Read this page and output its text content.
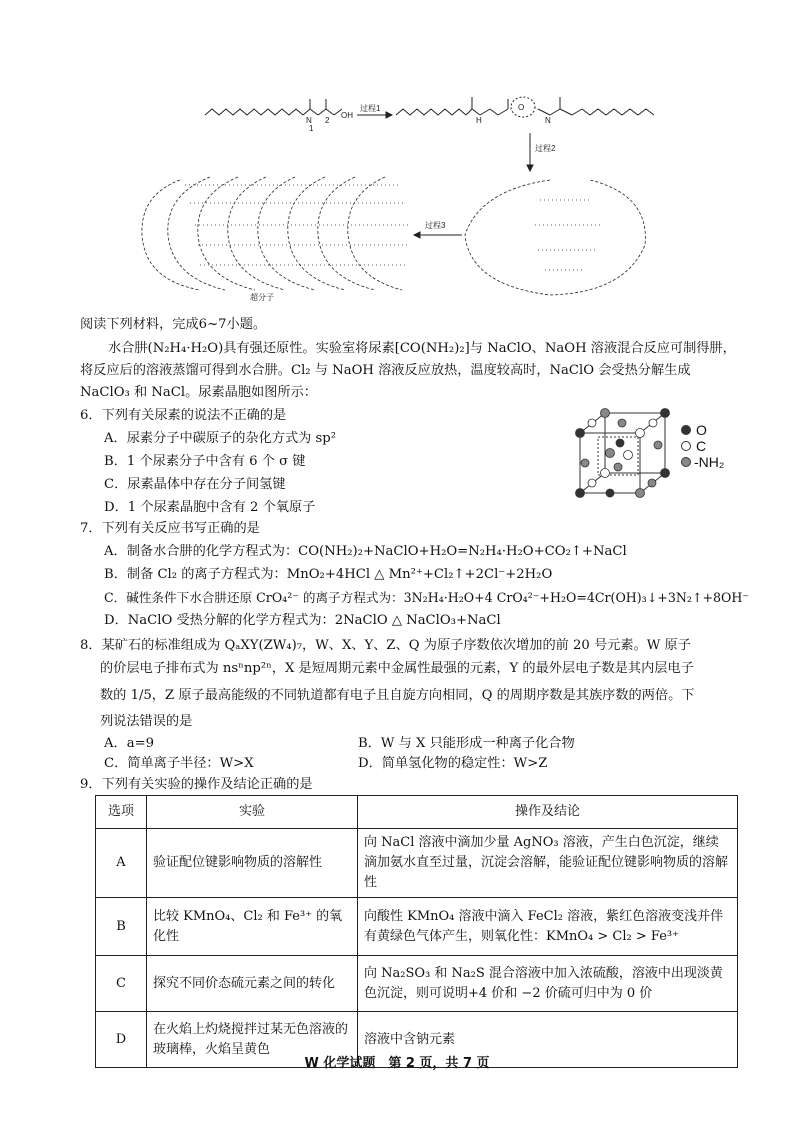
N
1
2
OH
过程1	O
H	N
过程2
过程3
超分子
阅读下列材料，完成6~7小题。
水合肼(N₂H₄·H₂O)具有强还原性。实验室将尿素[CO(NH₂)₂]与 NaClO、NaOH 溶液混合反应可制得肼，
将反应后的溶液蒸馏可得到水合肼。Cl₂ 与 NaOH 溶液反应放热，温度较高时，NaClO 会受热分解生成
NaClO₃ 和 NaCl。尿素晶胞如图所示：
6．下列有关尿素的说法不正确的是
A．尿素分子中碳原子的杂化方式为 sp²
B．1 个尿素分子中含有 6 个 σ 键
C．尿素晶体中存在分子间氢键
D．1 个尿素晶胞中含有 2 个氧原子
O
C
-NH₂
7．下列有关反应书写正确的是
A．制备水合肼的化学方程式为：CO(NH₂)₂+NaClO+H₂O=N₂H₄·H₂O+CO₂↑+NaCl
B．制备 Cl₂ 的离子方程式为：MnO₂+4HCl △ Mn²⁺+Cl₂↑+2Cl⁻+2H₂O
C．碱性条件下水合肼还原 CrO₄²⁻ 的离子方程式为：3N₂H₄·H₂O+4 CrO₄²⁻+H₂O=4Cr(OH)₃↓+3N₂↑+8OH⁻
D．NaClO 受热分解的化学方程式为：2NaClO △ NaClO₃+NaCl
8．某矿石的标准组成为 QₐXY(ZW₄)₇，W、X、Y、Z、Q 为原子序数依次增加的前 20 号元素。W 原子
的价层电子排布式为 nsⁿnp²ⁿ，X 是短周期元素中金属性最强的元素，Y 的最外层电子数是其内层电子
数的 1/5，Z 原子最高能级的不同轨道都有电子且自旋方向相同，Q 的周期序数是其族序数的两倍。下
列说法错误的是
A．a=9	B．W 与 X 只能形成一种离子化合物
C．简单离子半径：W>X	D．简单氢化物的稳定性：W>Z
9．下列有关实验的操作及结论正确的是
选项	实验	操作及结论
A	验证配位键影响物质的溶解性	向 NaCl 溶液中滴加少量 AgNO₃ 溶液，产生白色沉淀，继续滴加氨水直至过量，沉淀会溶解，能验证配位键影响物质的溶解性
B	比较 KMnO₄、Cl₂ 和 Fe³⁺ 的氧化性	向酸性 KMnO₄ 溶液中滴入 FeCl₂ 溶液，紫红色溶液变浅并伴有黄绿色气体产生，则氧化性：KMnO₄ > Cl₂ > Fe³⁺
C	探究不同价态硫元素之间的转化	向 Na₂SO₃ 和 Na₂S 混合溶液中加入浓硫酸，溶液中出现淡黄色沉淀，则可说明+4 价和 −2 价硫可归中为 0 价
D	在火焰上灼烧搅拌过某无色溶液的玻璃棒，火焰呈黄色	溶液中含钠元素
W 化学试题　第 2 页，共 7 页
